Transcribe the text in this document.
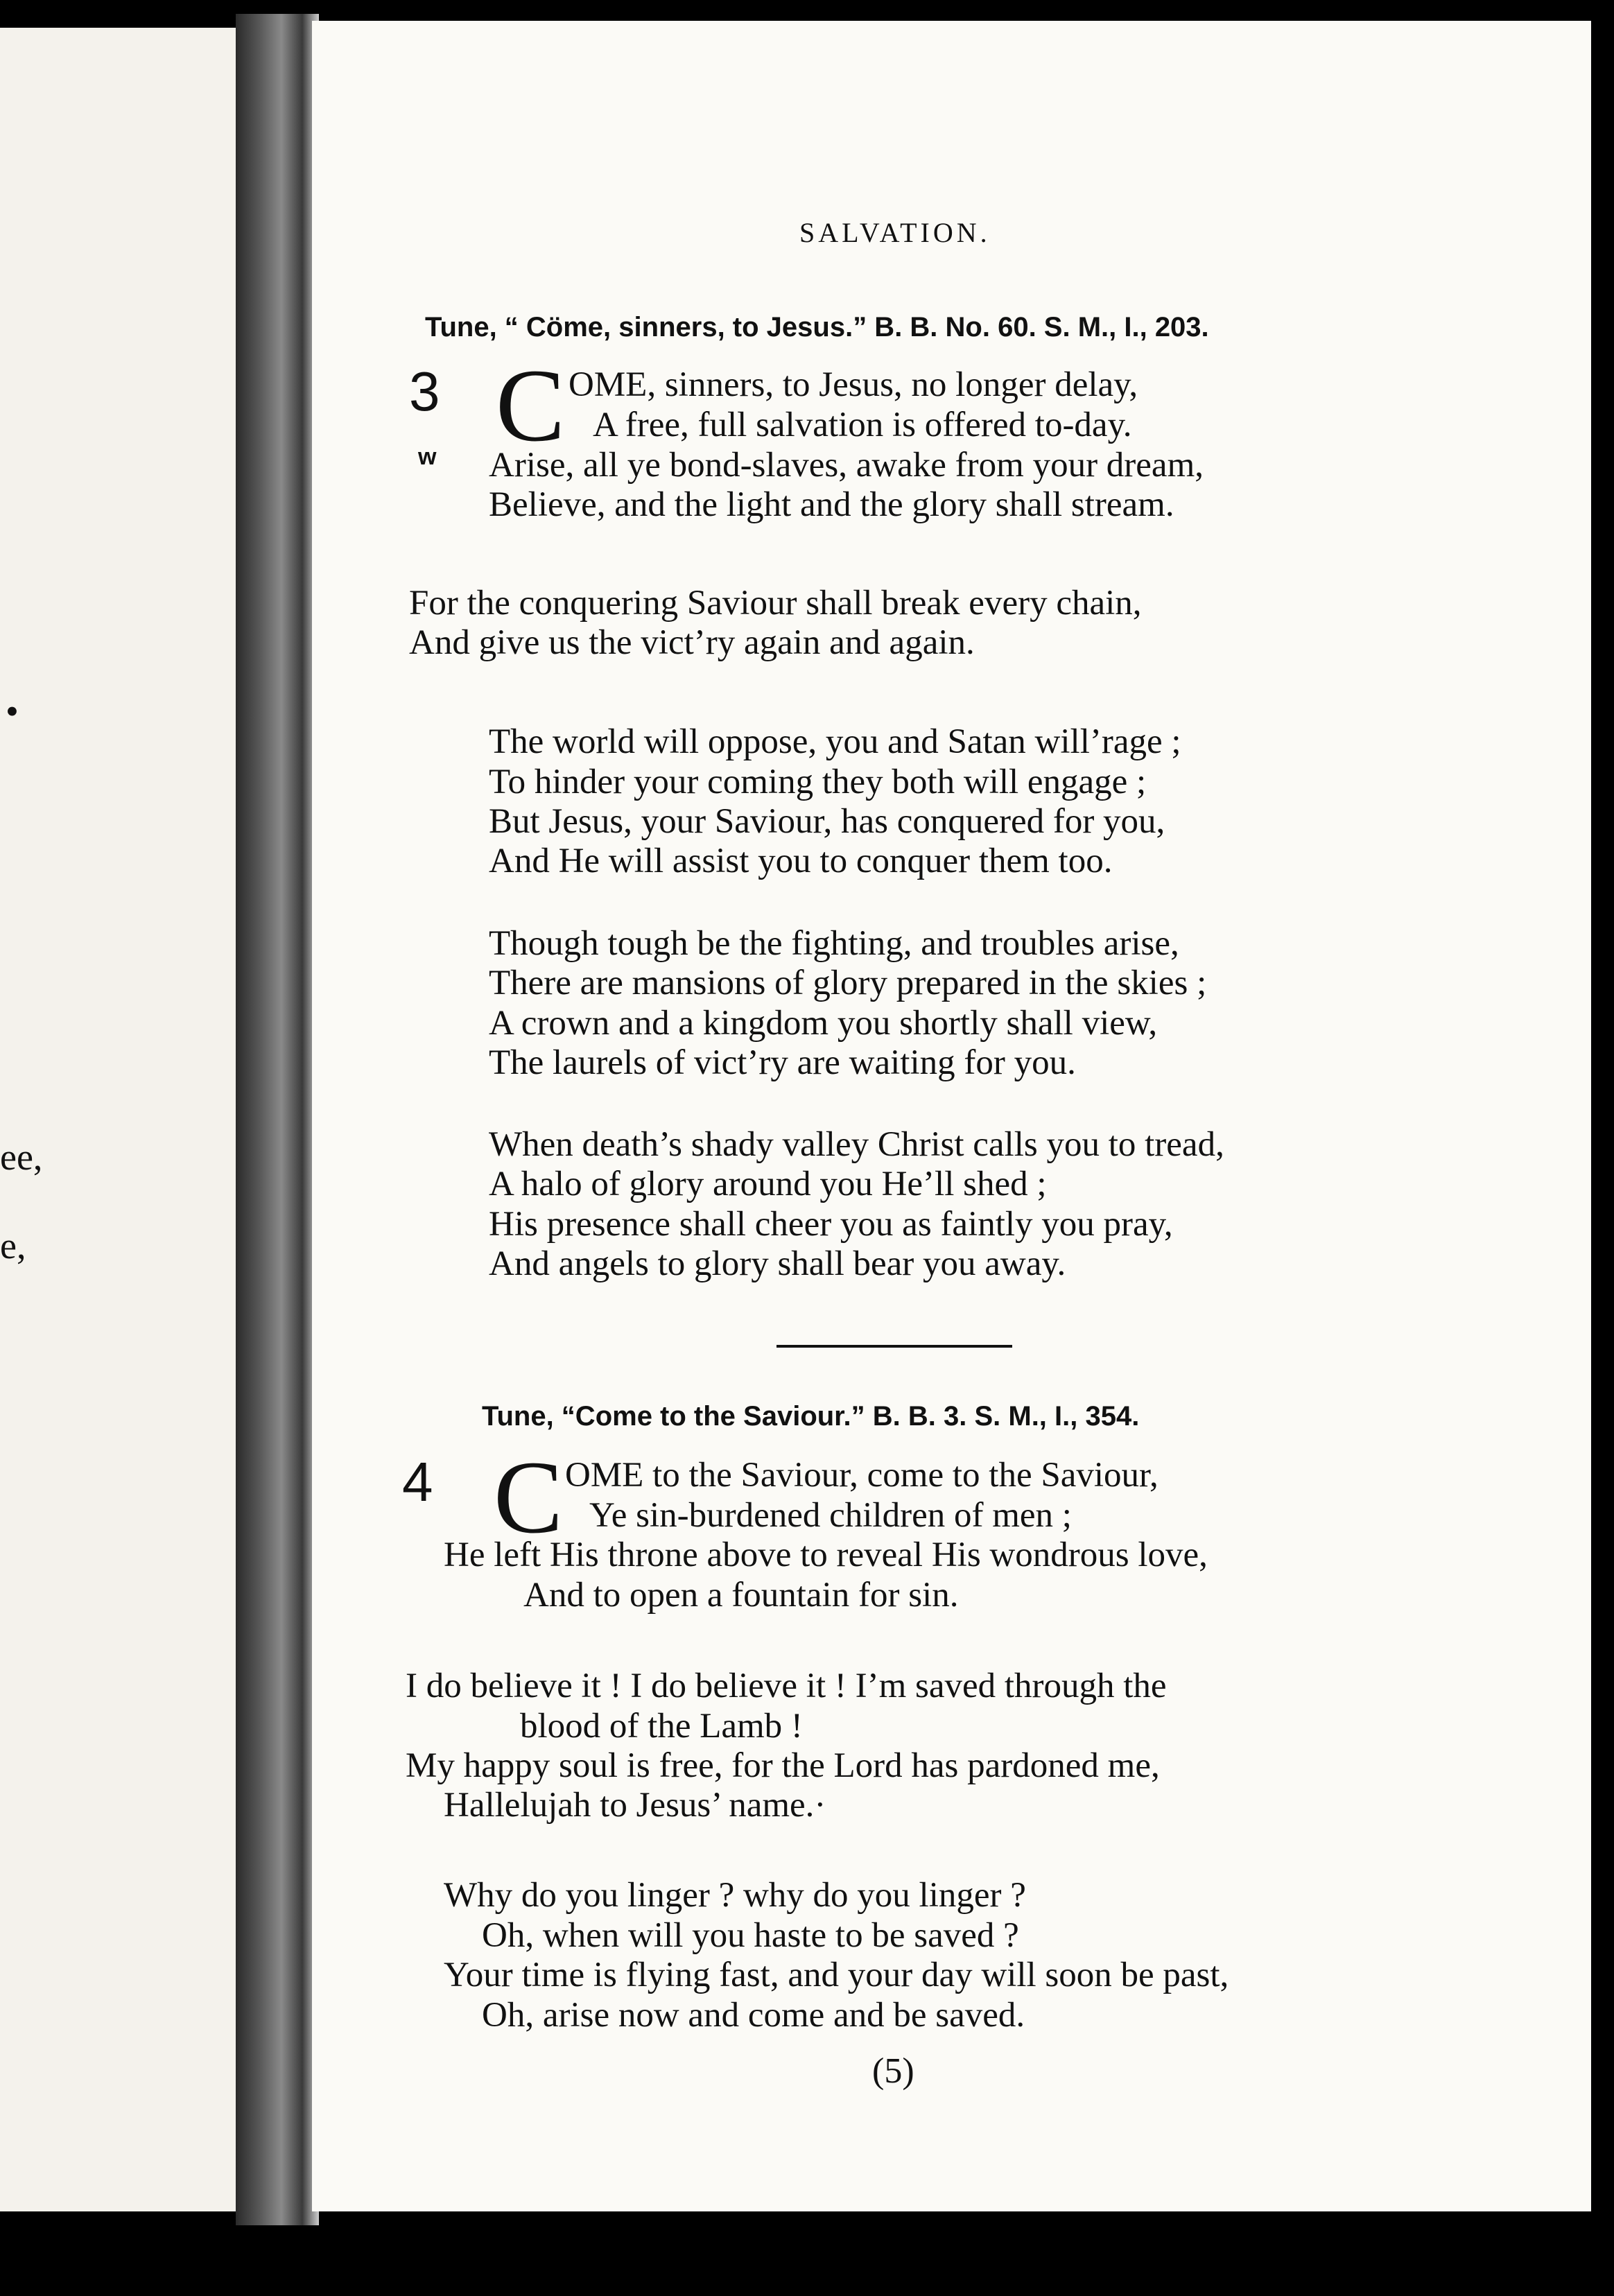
•
ee,
e,
SALVATION.
Tune, “ Cöme, sinners, to Jesus.” B. B. No. 60. S. M., I., 203.
3
w C OME, sinners, to Jesus, no longer delay,
A free, full salvation is offered to-day.
Arise, all ye bond-slaves, awake from your dream,
Believe, and the light and the glory shall stream.
For the conquering Saviour shall break every chain,
And give us the vict’ry again and again.
The world will oppose, you and Satan willʼrage ;
To hinder your coming they both will engage ;
But Jesus, your Saviour, has conquered for you,
And He will assist you to conquer them too.
Though tough be the fighting, and troubles arise,
There are mansions of glory prepared in the skies ;
A crown and a kingdom you shortly shall view,
The laurels of vict’ry are waiting for you.
When death’s shady valley Christ calls you to tread,
A halo of glory around you He’ll shed ;
His presence shall cheer you as faintly you pray,
And angels to glory shall bear you away.
Tune, “Come to the Saviour.” B. B. 3. S. M., I., 354.
4 C OME to the Saviour, come to the Saviour,
Ye sin-burdened children of men ;
He left His throne above to reveal His wondrous love,
And to open a fountain for sin.
I do believe it ! I do believe it ! I’m saved through the
blood of the Lamb !
My happy soul is free, for the Lord has pardoned me,
Hallelujah to Jesus’ name.·
Why do you linger ? why do you linger ?
Oh, when will you haste to be saved ?
Your time is flying fast, and your day will soon be past,
Oh, arise now and come and be saved.
(5)
